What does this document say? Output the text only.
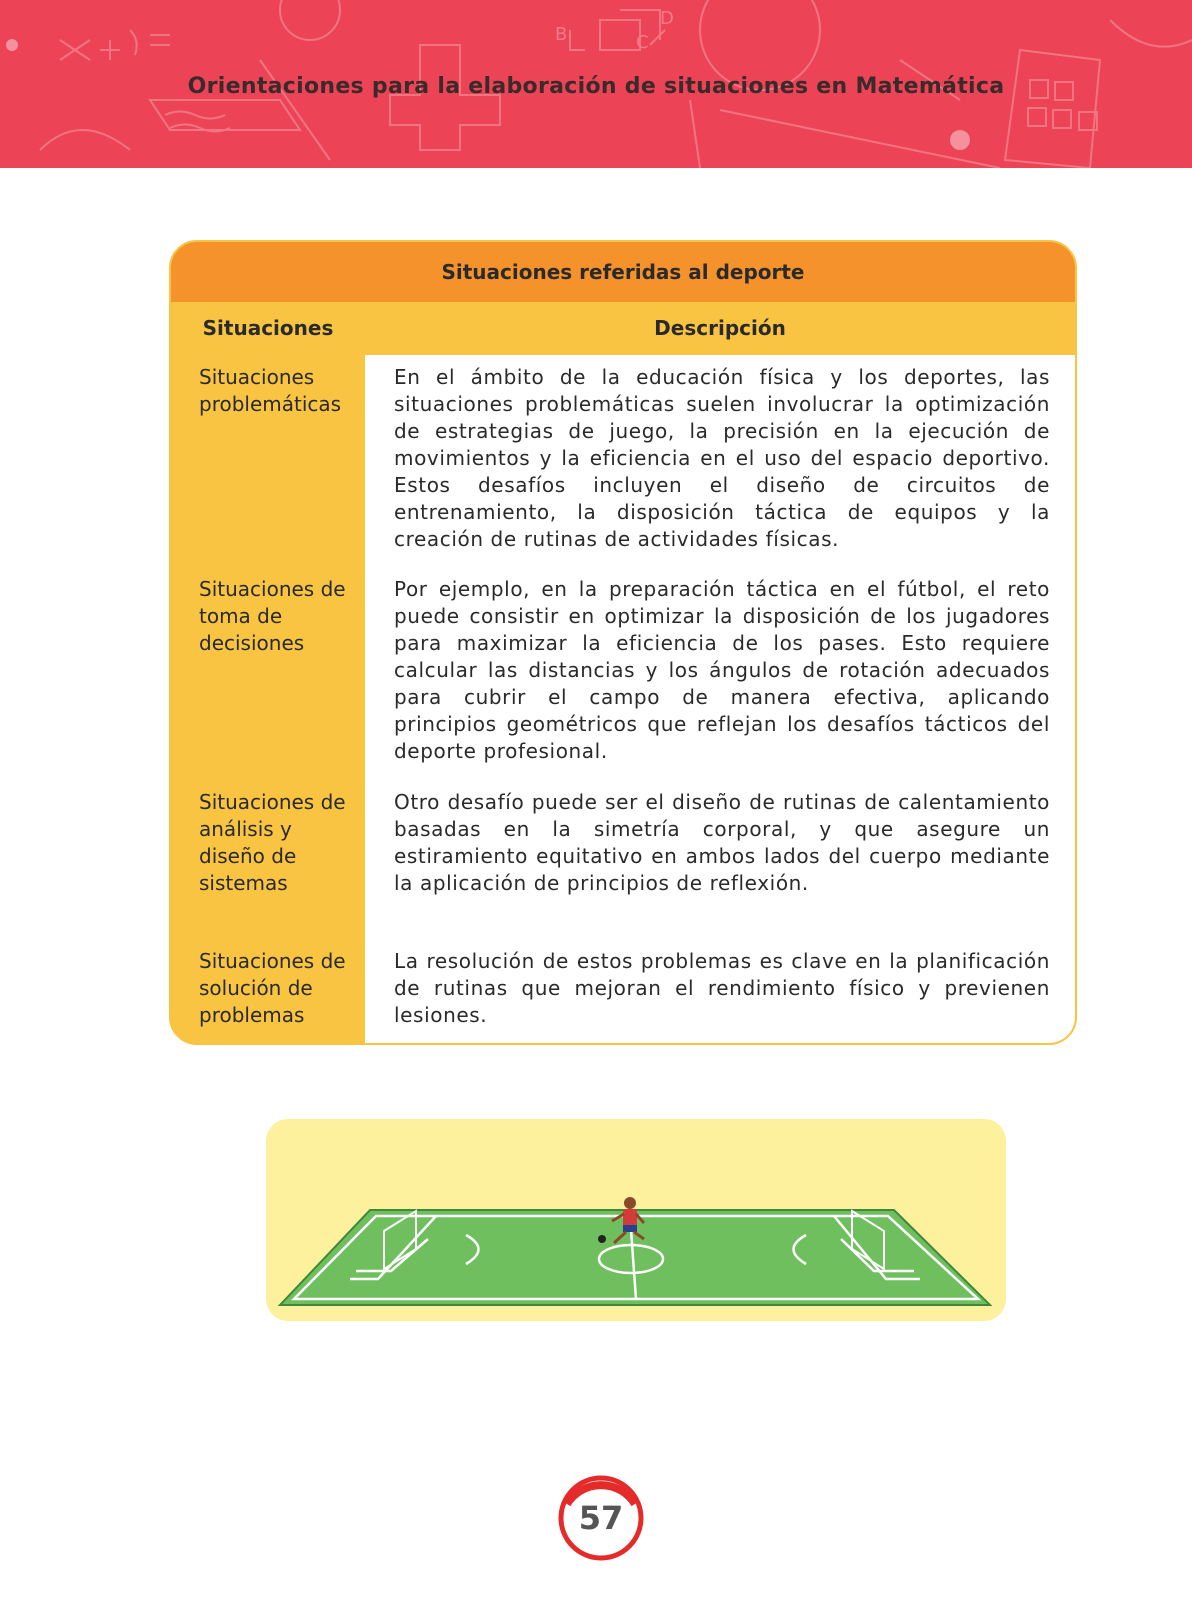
B
D
C
Orientaciones para la elaboración de situaciones en Matemática
Situaciones referidas al deporte
Situaciones	Descripción
Situaciones problemáticas
Situaciones de toma de decisiones
Situaciones de análisis y diseño de sistemas
Situaciones de solución de problemas
En el ámbito de la educación física y los deportes, las situaciones problemáticas suelen involucrar la optimización de estrategias de juego, la precisión en la ejecución de movimientos y la eficiencia en el uso del espacio deportivo. Estos desafíos incluyen el diseño de circuitos de entrenamiento, la disposición táctica de equipos y la creación de rutinas de actividades físicas.
Por ejemplo, en la preparación táctica en el fútbol, el reto puede consistir en optimizar la disposición de los jugadores para maximizar la eficiencia de los pases. Esto requiere calcular las distancias y los ángulos de rotación adecuados para cubrir el campo de manera efectiva, aplicando principios geométricos que reflejan los desafíos tácticos del deporte profesional.
Otro desafío puede ser el diseño de rutinas de calentamiento basadas en la simetría corporal, y que asegure un estiramiento equitativo en ambos lados del cuerpo mediante la aplicación de principios de reflexión.
La resolución de estos problemas es clave en la planificación de rutinas que mejoran el rendimiento físico y previenen lesiones.
57
